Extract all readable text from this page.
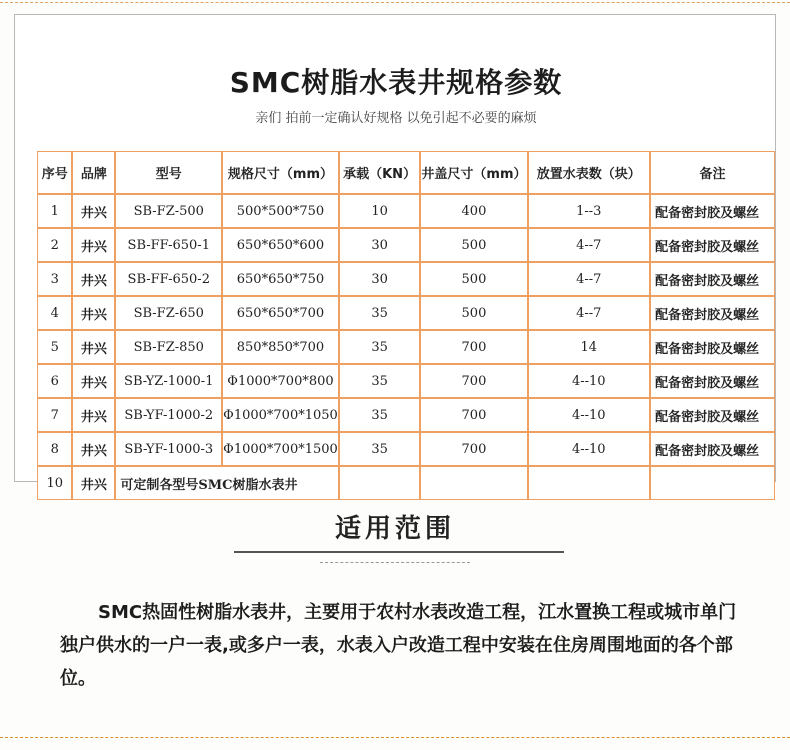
SMC树脂水表井规格参数
亲们 拍前一定确认好规格 以免引起不必要的麻烦
序号	品牌	型号	规格尺寸（mm）	承载（KN）	井盖尺寸（mm）	放置水表数（块）	备注
1	井兴	SB-FZ-500	500*500*750	10	400	1--3	配备密封胶及螺丝
2	井兴	SB-FF-650-1	650*650*600	30	500	4--7	配备密封胶及螺丝
3	井兴	SB-FF-650-2	650*650*750	30	500	4--7	配备密封胶及螺丝
4	井兴	SB-FZ-650	650*650*700	35	500	4--7	配备密封胶及螺丝
5	井兴	SB-FZ-850	850*850*700	35	700	14	配备密封胶及螺丝
6	井兴	SB-YZ-1000-1	Φ1000*700*800	35	700	4--10	配备密封胶及螺丝
7	井兴	SB-YF-1000-2	Φ1000*700*1050	35	700	4--10	配备密封胶及螺丝
8	井兴	SB-YF-1000-3	Φ1000*700*1500	35	700	4--10	配备密封胶及螺丝
10	井兴	可定制各型号SMC树脂水表井					
适用范围
SMC热固性树脂水表井，主要用于农村水表改造工程，江水置换工程或城市单门独户供水的一户一表,或多户一表，水表入户改造工程中安装在住房周围地面的各个部位。
